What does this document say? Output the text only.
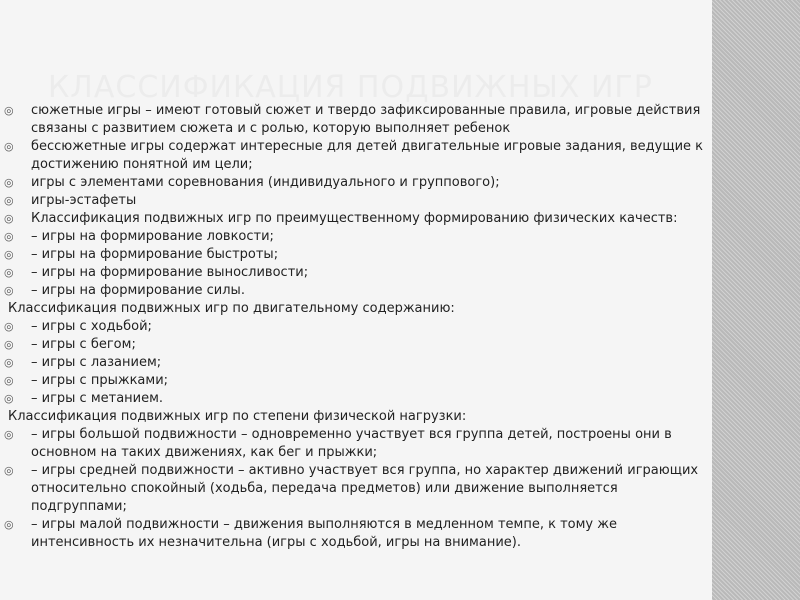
КЛАССИФИКАЦИЯ ПОДВИЖНЫХ ИГР
◎ сюжетные игры – имеют готовый сюжет и твердо зафиксированные правила, игровые действия связаны с развитием сюжета и с ролью, которую выполняет ребенок
◎ бессюжетные игры содержат интересные для детей двигательные игровые задания, ведущие к достижению понятной им цели;
◎ игры с элементами соревнования (индивидуального и группового);
◎ игры-эстафеты
◎ Классификация подвижных игр по преимущественному формированию физических качеств:
◎ – игры на формирование ловкости;
◎ – игры на формирование быстроты;
◎ – игры на формирование выносливости;
◎ – игры на формирование силы.
Классификация подвижных игр по двигательному содержанию:
◎ – игры с ходьбой;
◎ – игры с бегом;
◎ – игры с лазанием;
◎ – игры с прыжками;
◎ – игры с метанием.
Классификация подвижных игр по степени физической нагрузки:
◎ – игры большой подвижности – одновременно участвует вся группа детей, построены они в основном на таких движениях, как бег и прыжки;
◎ – игры средней подвижности – активно участвует вся группа, но характер движений играющих относительно спокойный (ходьба, передача предметов) или движение выполняется подгруппами;
◎ – игры малой подвижности – движения выполняются в медленном темпе, к тому же интенсивность их незначительна (игры с ходьбой, игры на внимание).
